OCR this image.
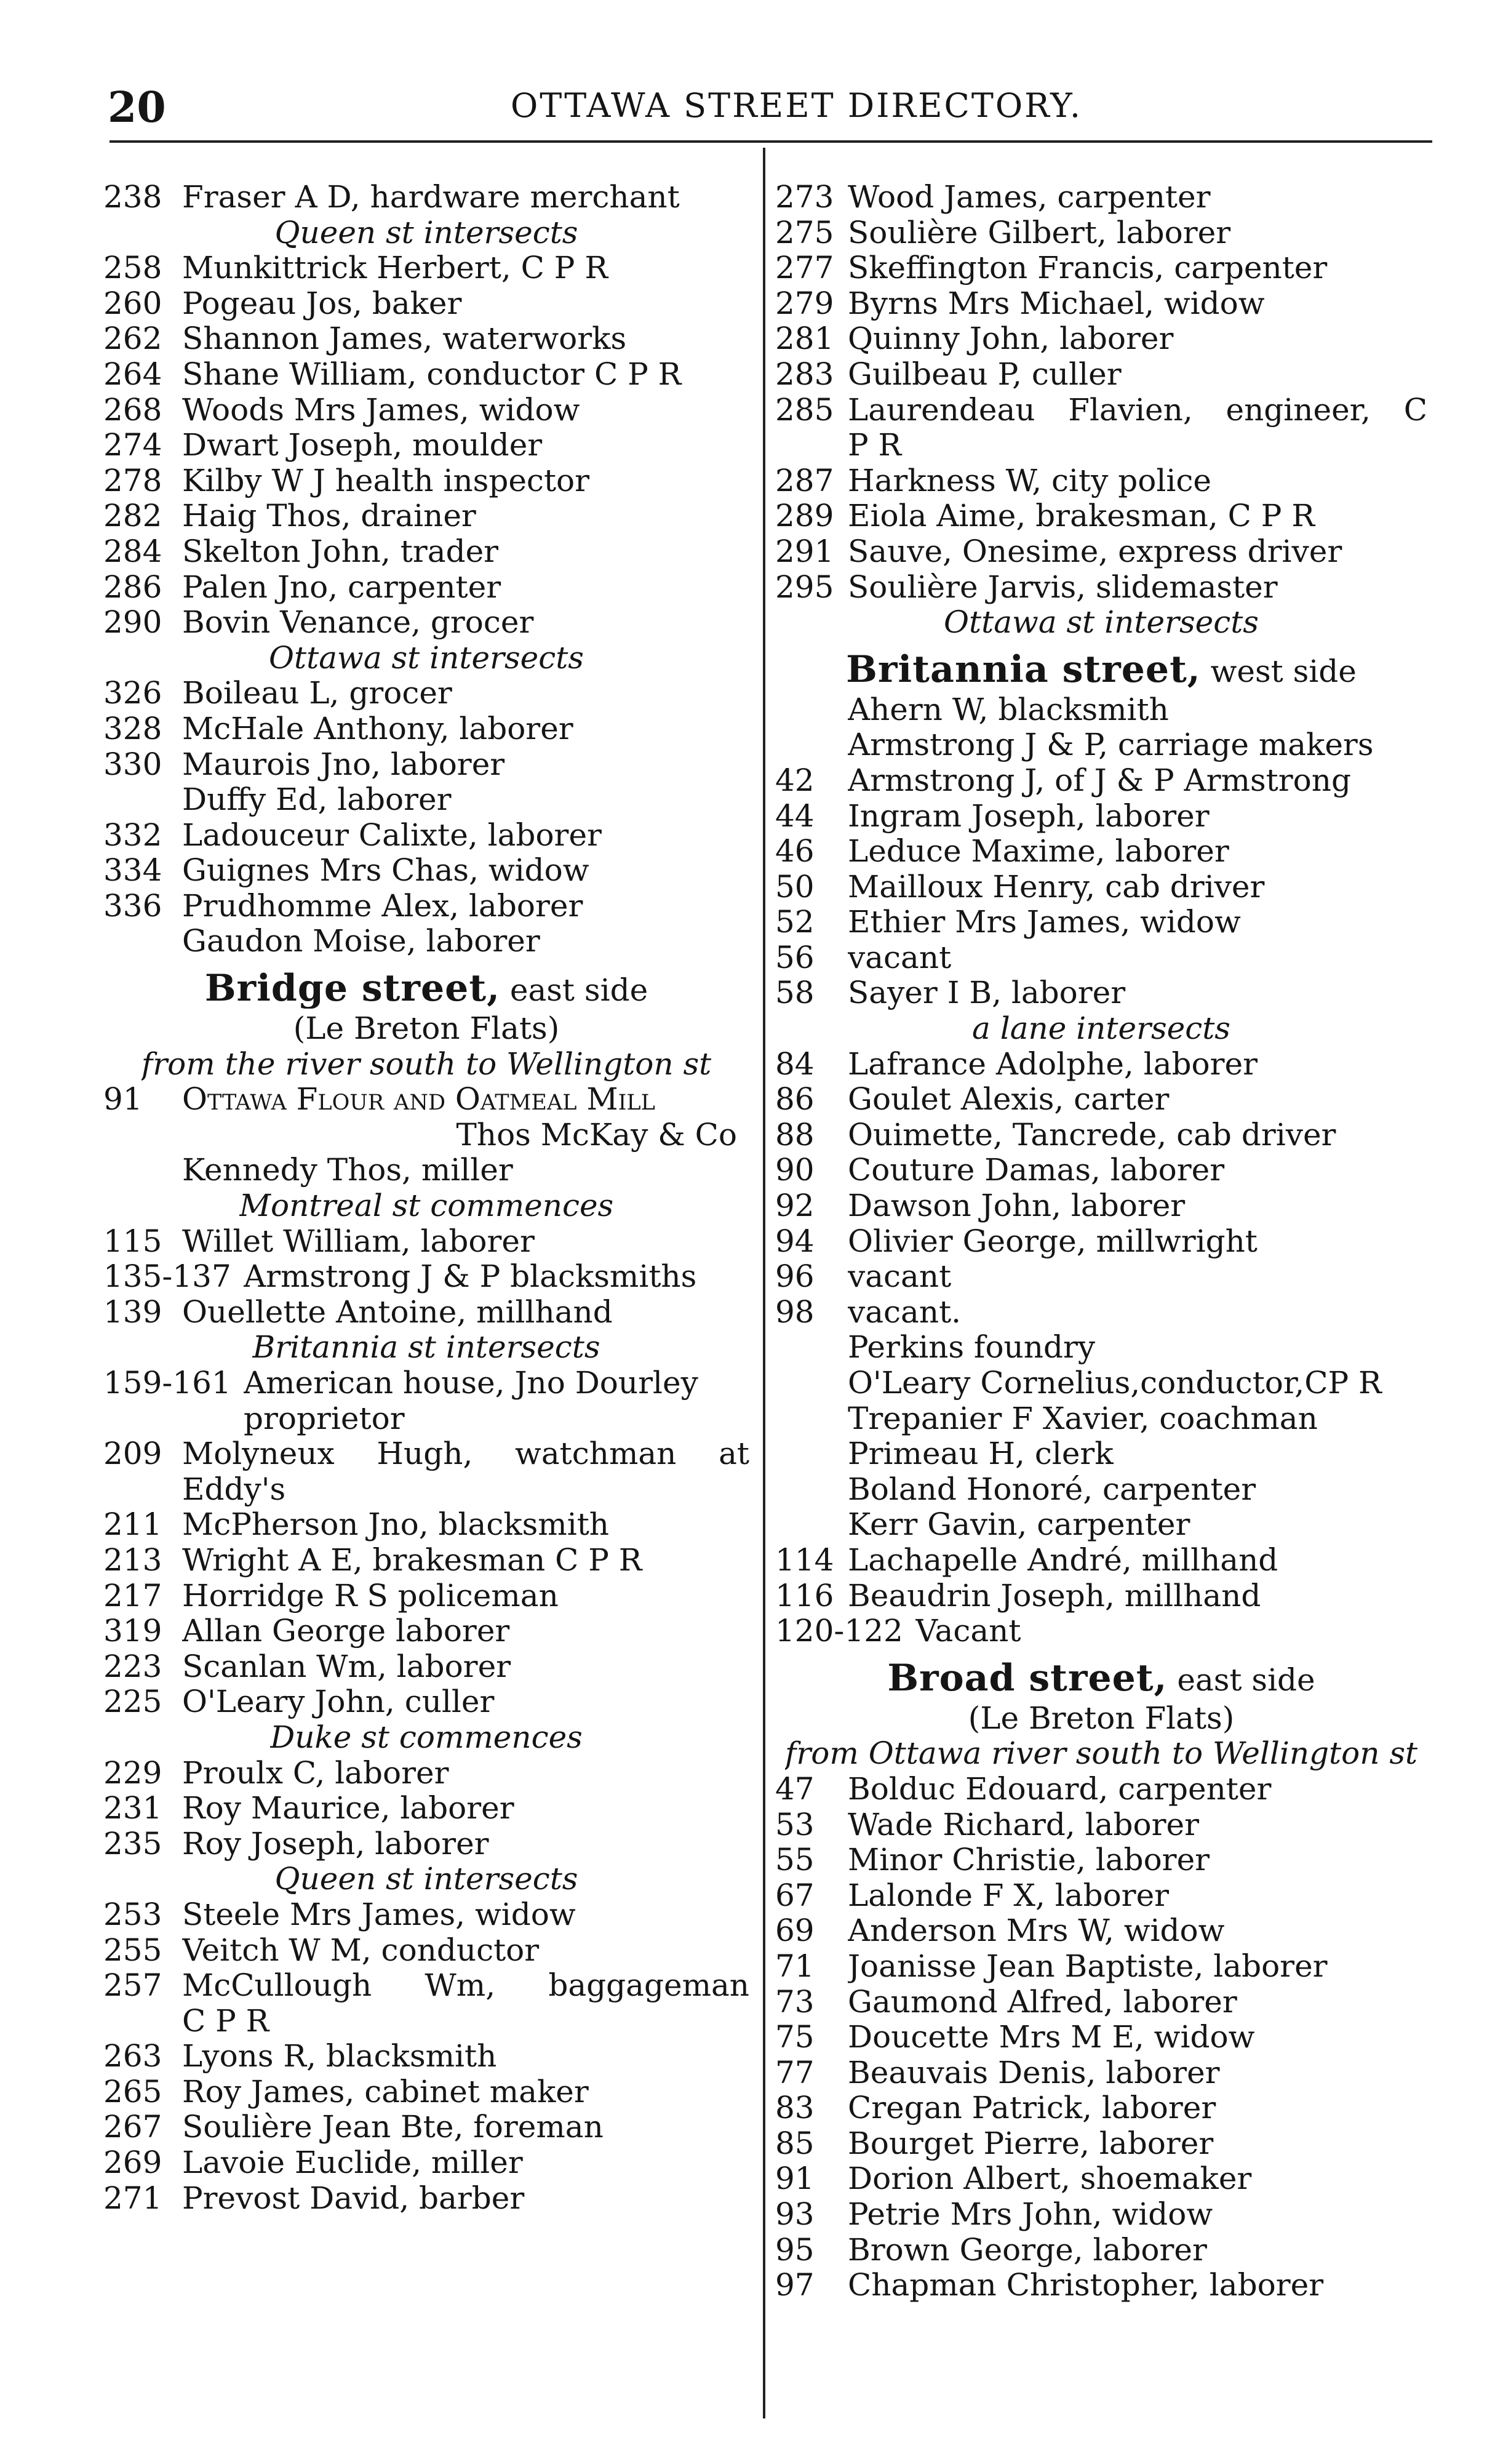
20	OTTAWA STREET DIRECTORY.
238 Fraser A D, hardware merchant
Queen st intersects
258 Munkittrick Herbert, C P R
260 Pogeau Jos, baker
262 Shannon James, waterworks
264 Shane William, conductor C P R
268 Woods Mrs James, widow
274 Dwart Joseph, moulder
278 Kilby W J health inspector
282 Haig Thos, drainer
284 Skelton John, trader
286 Palen Jno, carpenter
290 Bovin Venance, grocer
Ottawa st intersects
326 Boileau L, grocer
328 McHale Anthony, laborer
330 Maurois Jno, laborer
Duffy Ed, laborer
332 Ladouceur Calixte, laborer
334 Guignes Mrs Chas, widow
336 Prudhomme Alex, laborer
Gaudon Moise, laborer
Bridge street, east side
(Le Breton Flats)
from the river south to Wellington st
91	Ottawa Flour and Oatmeal Mill
Thos McKay & Co
Kennedy Thos, miller
Montreal st commences
115 Willet William, laborer
135-137 Armstrong J & P blacksmiths
139 Ouellette Antoine, millhand
Britannia st intersects
159-161 American house, Jno Dourley
proprietor
209 Molyneux Hugh, watchman at
Eddy's
211 McPherson Jno, blacksmith
213 Wright A E, brakesman C P R
217 Horridge R S policeman
319 Allan George laborer
223 Scanlan Wm, laborer
225 O'Leary John, culler
Duke st commences
229 Proulx C, laborer
231 Roy Maurice, laborer
235 Roy Joseph, laborer
Queen st intersects
253 Steele Mrs James, widow
255 Veitch W M, conductor
257 McCullough Wm, baggageman
C P R
263 Lyons R, blacksmith
265 Roy James, cabinet maker
267 Soulière Jean Bte, foreman
269 Lavoie Euclide, miller
271 Prevost David, barber
273 Wood James, carpenter
275 Soulière Gilbert, laborer
277 Skeffington Francis, carpenter
279 Byrns Mrs Michael, widow
281 Quinny John, laborer
283 Guilbeau P, culler
285 Laurendeau Flavien, engineer, C
P R
287 Harkness W, city police
289 Eiola Aime, brakesman, C P R
291 Sauve, Onesime, express driver
295 Soulière Jarvis, slidemaster
Ottawa st intersects
Britannia street, west side
Ahern W, blacksmith
Armstrong J & P, carriage makers
42	Armstrong J, of J & P Armstrong
44	Ingram Joseph, laborer
46	Leduce Maxime, laborer
50	Mailloux Henry, cab driver
52	Ethier Mrs James, widow
56	vacant
58	Sayer I B, laborer
a lane intersects
84	Lafrance Adolphe, laborer
86	Goulet Alexis, carter
88	Ouimette, Tancrede, cab driver
90	Couture Damas, laborer
92	Dawson John, laborer
94	Olivier George, millwright
96	vacant
98	vacant.
Perkins foundry
O'Leary Cornelius,conductor,CP R
Trepanier F Xavier, coachman
Primeau H, clerk
Boland Honoré, carpenter
Kerr Gavin, carpenter
114 Lachapelle André, millhand
116 Beaudrin Joseph, millhand
120-122 Vacant
Broad street, east side
(Le Breton Flats)
from Ottawa river south to Wellington st
47	Bolduc Edouard, carpenter
53	Wade Richard, laborer
55	Minor Christie, laborer
67	Lalonde F X, laborer
69	Anderson Mrs W, widow
71	Joanisse Jean Baptiste, laborer
73	Gaumond Alfred, laborer
75	Doucette Mrs M E, widow
77	Beauvais Denis, laborer
83	Cregan Patrick, laborer
85	Bourget Pierre, laborer
91	Dorion Albert, shoemaker
93	Petrie Mrs John, widow
95	Brown George, laborer
97	Chapman Christopher, laborer
